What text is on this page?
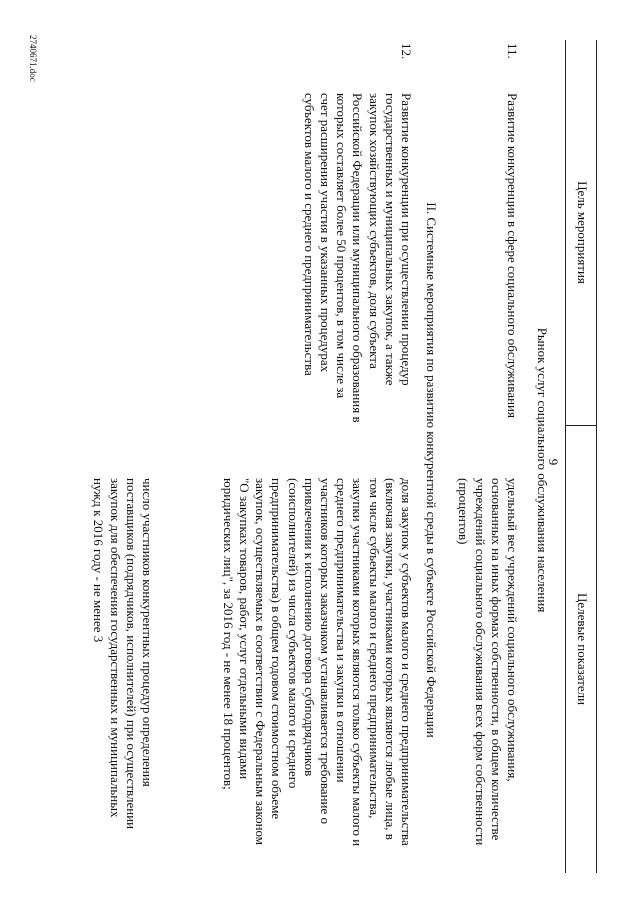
9
Цель мероприятия
Целевые показатели
Рынок услуг социального обслуживания населения
11.
Развитие конкуренции в сфере социального обслуживания
удельный вес учреждений социального обслуживания, основанных на иных формах собственности, в общем количестве учреждений социального обслуживания всех форм собственности (процентов)
II. Системные мероприятия по развитию конкурентной среды в субъекте Российской Федерации
12.
Развитие конкуренции при осуществлении процедур государственных и муниципальных закупок, а также закупок хозяйствующих субъектов, доля субъекта Российской Федерации или муниципального образования в которых составляет более 50 процентов, в том числе за счет расширения участия в указанных процедурах субъектов малого и среднего предпринимательства
доля закупок у субъектов малого и среднего предпринимательства (включая закупки, участниками которых являются любые лица, в том числе субъекты малого и среднего предпринимательства, закупки участниками которых являются только субъекты малого и среднего предпринимательства и закупки в отношении участников которых заказчиком устанавливается требование о привлечении к исполнению договора субподрядчиков (соисполнителей) из числа субъектов малого и среднего предпринимательства) в общем годовом стоимостном объеме закупок, осуществляемых в соответствии с Федеральным законом "О закупках товаров, работ, услуг отдельными видами юридических лиц", за 2016 год - не менее 18 процентов;
число участников конкурентных процедур определения поставщиков (подрядчиков, исполнителей) при осуществлении закупок для обеспечения государственных и муниципальных нужд к 2016 году - не менее 3
2740671.doc
